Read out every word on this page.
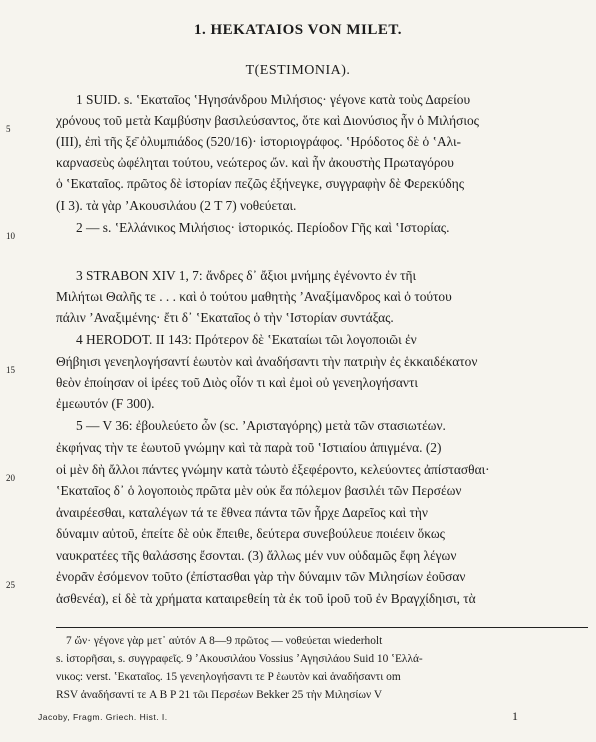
1. HEKATAIOS VON MILET.
T(ESTIMONIA).
5
10
15
20
25
1 SUID. s. ʽΕκαταῖος ʽΗγησάνδρου Μιλήσιος· γέγονε κατὰ τοὺς Δαρείου
χρόνους τοῦ μετὰ Καμβύσην βασιλεύσαντος, ὅτε καὶ Διονύσιος ἦν ὁ Μιλήσιος
(III), ἐπὶ τῆς ξε̄ ὀλυμπιάδος (520/16)· ἱστοριογράφος. ʽΗρόδοτος δὲ ὁ ʽΑλι-
καρνασεὺς ὠφέληται τούτου, νεώτερος ὤν. καὶ ἦν ἀκουστὴς Πρωταγόρου
ὁ ʽΕκαταῖος. πρῶτος δὲ ἱστορίαν πεζῶς ἐξήνεγκε, συγγραφὴν δὲ Φερεκύδης
(I 3). τὰ γὰρ ʼΑκουσιλάου (2 T 7) νοθεύεται.
2 — s. ʽΕλλάνικος Μιλήσιος· ἱστορικός. Περίοδον Γῆς καὶ ʽΙστορίας.
3 STRABON XIV 1, 7: ἄνδρες δ᾽ ἄξιοι μνήμης ἐγένοντο ἐν τῆι
Μιλήτωι Θαλῆς τε . . . καὶ ὁ τούτου μαθητὴς ʼΑναξίμανδρος καὶ ὁ τούτου
πάλιν ʼΑναξιμένης· ἔτι δ᾽ ʽΕκαταῖος ὁ τὴν ʽΙστορίαν συντάξας.
4 HERODOT. II 143: Πρότερον δὲ ʽΕκαταίωι τῶι λογοποιῶι ἐν
Θήβηισι γενεηλογήσαντί ἑωυτὸν καὶ ἀναδήσαντι τὴν πατριὴν ἐς ἑκκαιδέκατον
θεὸν ἐποίησαν οἱ ἱρέες τοῦ Διὸς οἷόν τι καὶ ἐμοὶ οὐ γενεηλογήσαντι
ἐμεωυτόν (F 300).
5 — V 36: ἐβουλεύετο ὦν (sc. ʼΑρισταγόρης) μετὰ τῶν στασιωτέων.
ἐκφήνας τὴν τε ἑωυτοῦ γνώμην καὶ τὰ παρὰ τοῦ ʽΙστιαίου ἀπιγμένα. (2)
οἱ μὲν δὴ ἄλλοι πάντες γνώμην κατὰ τὠυτὸ ἐξεφέροντο, κελεύοντες ἀπίστασθαι·
ʽΕκαταῖος δ᾽ ὁ λογοποιὸς πρῶτα μὲν οὐκ ἔα πόλεμον βασιλέι τῶν Περσέων
ἀναιρέεσθαι, καταλέγων τά τε ἔθνεα πάντα τῶν ἦρχε Δαρεῖος καὶ τὴν
δύναμιν αὐτοῦ, ἐπείτε δὲ οὐκ ἔπειθε, δεύτερα συνεβούλευε ποιέειν ὅκως
ναυκρατέες τῆς θαλάσσης ἔσονται. (3) ἄλλως μέν νυν οὐδαμῶς ἔφη λέγων
ἐνορᾶν ἐσόμενον τοῦτο (ἐπίστασθαι γὰρ τὴν δύναμιν τῶν Μιλησίων ἐοῦσαν
ἀσθενέα), εἰ δὲ τὰ χρήματα καταιρεθείη τὰ ἐκ τοῦ ἱροῦ τοῦ ἐν Βραγχίδηισι, τὰ
7 ὤν· γέγονε γὰρ μετ᾽ αὐτόν A 8—9 πρῶτος — νοθεύεται wiederholt
s. ἱστορῆσαι, s. συγγραφεῖς. 9 ʼΑκουσιλάου Vossius ʼΑγησιλάου Suid 10 ʽΕλλά-
νικος: verst. ʽΕκαταῖος. 15 γενεηλογήσαντι τε P ἑωυτὸν καὶ ἀναδήσαντι om
RSV ἀναδήσαντί τε A B P 21 τῶι Περσέων Bekker 25 τὴν Μιλησίων V
Jacoby, Fragm. Griech. Hist. I.	1
